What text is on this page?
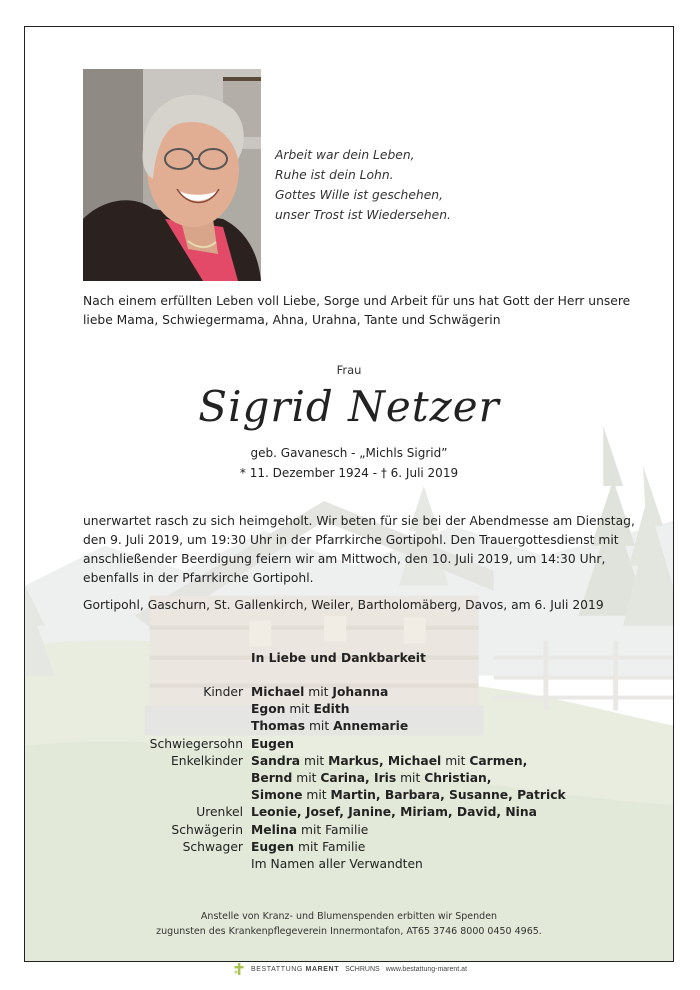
Arbeit war dein Leben,
Ruhe ist dein Lohn.
Gottes Wille ist geschehen,
unser Trost ist Wiedersehen.
Nach einem erfüllten Leben voll Liebe, Sorge und Arbeit für uns hat Gott der Herr unsere liebe Mama, Schwiegermama, Ahna, Urahna, Tante und Schwägerin
Frau
Sigrid Netzer
geb. Gavanesch - „Michls Sigrid”
* 11. Dezember 1924 - † 6. Juli 2019
unerwartet rasch zu sich heimgeholt. Wir beten für sie bei der Abendmesse am Dienstag, den 9. Juli 2019, um 19:30 Uhr in der Pfarrkirche Gortipohl. Den Trauergottesdienst mit anschließender Beerdigung feiern wir am Mittwoch, den 10. Juli 2019, um 14:30 Uhr, ebenfalls in der Pfarrkirche Gortipohl.
Gortipohl, Gaschurn, St. Gallenkirch, Weiler, Bartholomäberg, Davos, am 6. Juli 2019
In Liebe und Dankbarkeit
Kinder Michael mit Johanna
Egon mit Edith
Thomas mit Annemarie
Schwiegersohn Eugen
Enkelkinder Sandra mit Markus, Michael mit Carmen,
Bernd mit Carina, Iris mit Christian,
Simone mit Martin, Barbara, Susanne, Patrick
Urenkel Leonie, Josef, Janine, Miriam, David, Nina
Schwägerin Melina mit Familie
Schwager Eugen mit Familie
Im Namen aller Verwandten
Anstelle von Kranz- und Blumenspenden erbitten wir Spenden
zugunsten des Krankenpflegeverein Innermontafon, AT65 3746 8000 0450 4965.
BESTATTUNG MARENT SCHRUNS www.bestattung-marent.at
